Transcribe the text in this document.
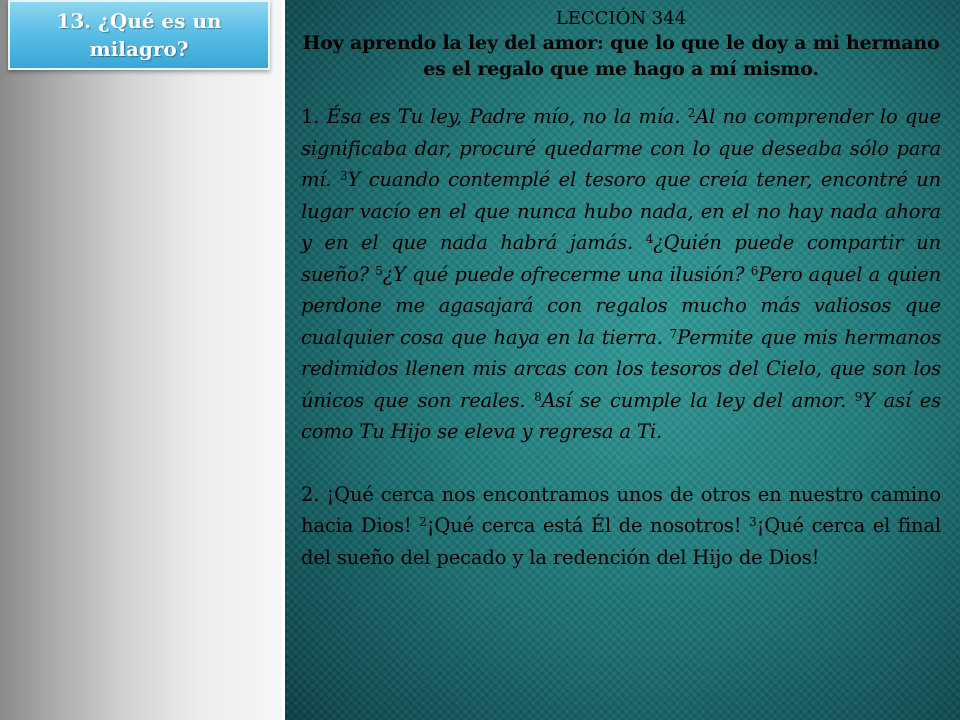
13. ¿Qué es un milagro?
LECCIÓN 344
Hoy aprendo la ley del amor: que lo que le doy a mi hermano es el regalo que me hago a mí mismo.

1. Ésa es Tu ley, Padre mío, no la mía. $^2$Al no comprender lo que significaba dar, procuré quedarme con lo que deseaba sólo para mí. $^3$Y cuando contemplé el tesoro que creía tener, encontré un lugar vacío en el que nunca hubo nada, en el no hay nada ahora y en el que nada habrá jamás. $^4$¿Quién puede compartir un sueño? $^5$¿Y qué puede ofrecerme una ilusión? $^6$Pero aquel a quien perdone me agasajará con regalos mucho más valiosos que cualquier cosa que haya en la tierra. $^7$Permite que mis hermanos redimidos llenen mis arcas con los tesoros del Cielo, que son los únicos que son reales. $^8$Así se cumple la ley del amor. $^9$Y así es como Tu Hijo se eleva y regresa a Ti.

2. ¡Qué cerca nos encontramos unos de otros en nuestro camino hacia Dios! $^2$¡Qué cerca está Él de nosotros! $^3$¡Qué cerca el final del sueño del pecado y la redención del Hijo de Dios!
